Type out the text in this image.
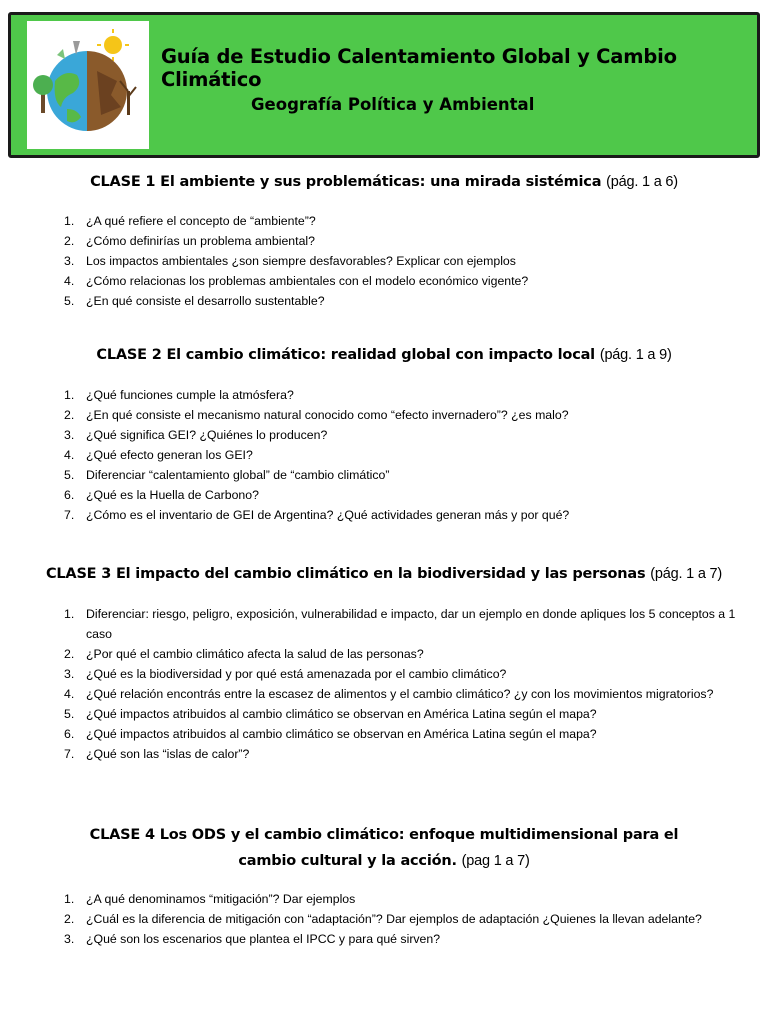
Guía de Estudio Calentamiento Global y Cambio Climático
Geografía Política y Ambiental
CLASE 1 El ambiente y sus problemáticas: una mirada sistémica (pág. 1 a 6)
1. ¿A qué refiere el concepto de “ambiente”?
2. ¿Cómo definirías un problema ambiental?
3. Los impactos ambientales ¿son siempre desfavorables? Explicar con ejemplos
4. ¿Cómo relacionas los problemas ambientales con el modelo económico vigente?
5. ¿En qué consiste el desarrollo sustentable?
CLASE 2 El cambio climático: realidad global con impacto local (pág. 1 a 9)
1. ¿Qué funciones cumple la atmósfera?
2. ¿En qué consiste el mecanismo natural conocido como “efecto invernadero”? ¿es malo?
3. ¿Qué significa GEI? ¿Quiénes lo producen?
4. ¿Qué efecto generan los GEI?
5. Diferenciar “calentamiento global” de “cambio climático”
6. ¿Qué es la Huella de Carbono?
7. ¿Cómo es el inventario de GEI de Argentina? ¿Qué actividades generan más y por qué?
CLASE 3 El impacto del cambio climático en la biodiversidad y las personas (pág. 1 a 7)
1. Diferenciar: riesgo, peligro, exposición, vulnerabilidad e impacto, dar un ejemplo en donde apliques los 5 conceptos a 1 caso
2. ¿Por qué el cambio climático afecta la salud de las personas?
3. ¿Qué es la biodiversidad y por qué está amenazada por el cambio climático?
4. ¿Qué relación encontrás entre la escasez de alimentos y el cambio climático? ¿y con los movimientos migratorios?
5. ¿Qué impactos atribuidos al cambio climático se observan en América Latina según el mapa?
6. ¿Qué impactos atribuidos al cambio climático se observan en América Latina según el mapa?
7. ¿Qué son las “islas de calor”?
CLASE 4 Los ODS y el cambio climático: enfoque multidimensional para el cambio cultural y la acción. (pag 1 a 7)
1. ¿A qué denominamos “mitigación”? Dar ejemplos
2. ¿Cuál es la diferencia de mitigación con “adaptación”? Dar ejemplos de adaptación ¿Quienes la llevan adelante?
3. ¿Qué son los escenarios que plantea el IPCC y para qué sirven?
